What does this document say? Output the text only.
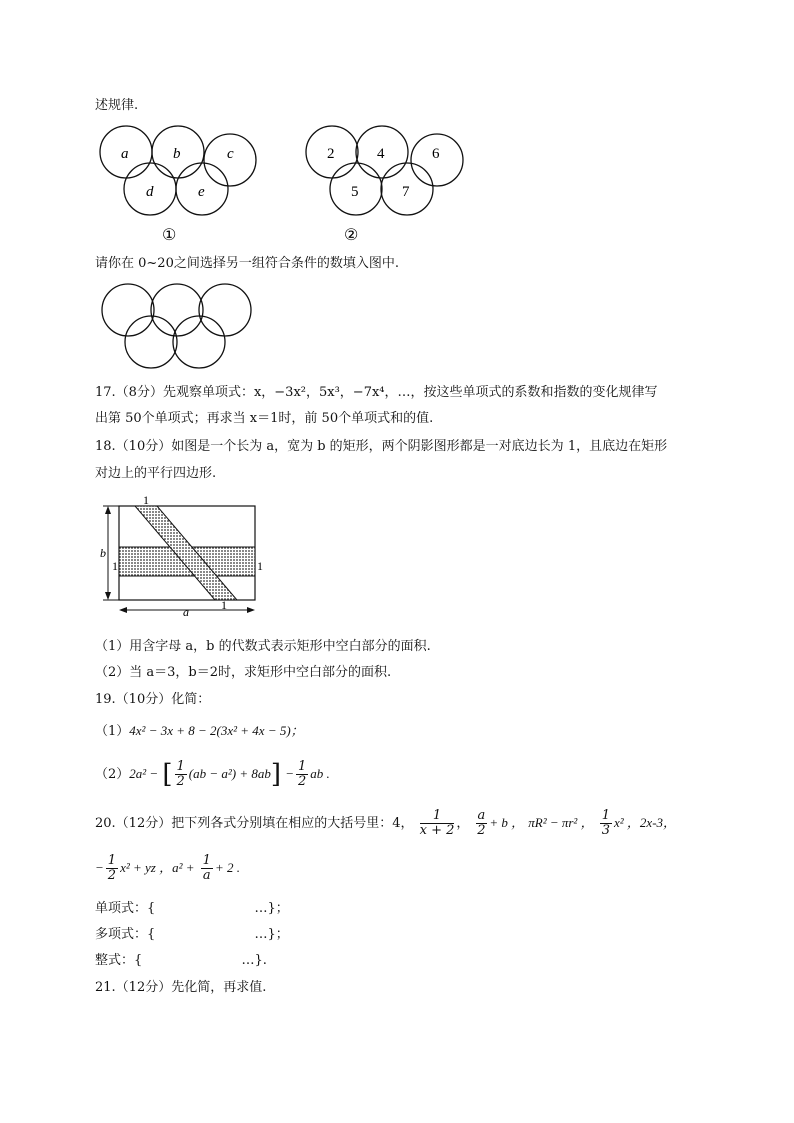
述规律.
a	b	c
d	e
①
2	4	6
5	7
②
请你在 0~20之间选择另一组符合条件的数填入图中.
17.（8分）先观察单项式：x，−3x²，5x³，−7x⁴，…，按这些单项式的系数和指数的变化规律写
出第 50个单项式；再求当 x＝1时，前 50个单项式和的值.
18.（10分）如图是一个长为 a，宽为 b 的矩形，两个阴影图形都是一对底边长为 1，且底边在矩形
对边上的平行四边形.
1
1	1
1
b
a
（1）用含字母 a，b 的代数式表示矩形中空白部分的面积.
（2）当 a＝3，b＝2时，求矩形中空白部分的面积.
19.（10分）化简：
（1）4x² − 3x + 8 − 2(3x² + 4x − 5)；
（2）2a² − [ $\frac{1}{2} (ab - a^2) + 8ab] - \frac{1}{2}$ ab .
20.（12分）把下列各式分别填在相应的大括号里：4， $\frac{1}{x + 2}$ ， $\frac{a}{2} + b$ ， πR² − πr² ， $\frac{1}{3} x^2$ ，2x-3，
− $\frac{1}{2} x^2$ + yz ，$a^2 + \frac{1}{a} + 2$ .
单项式：{                        …}；
多项式：{                        …}；
整式：{                        …}.
21.（12分）先化简，再求值.
